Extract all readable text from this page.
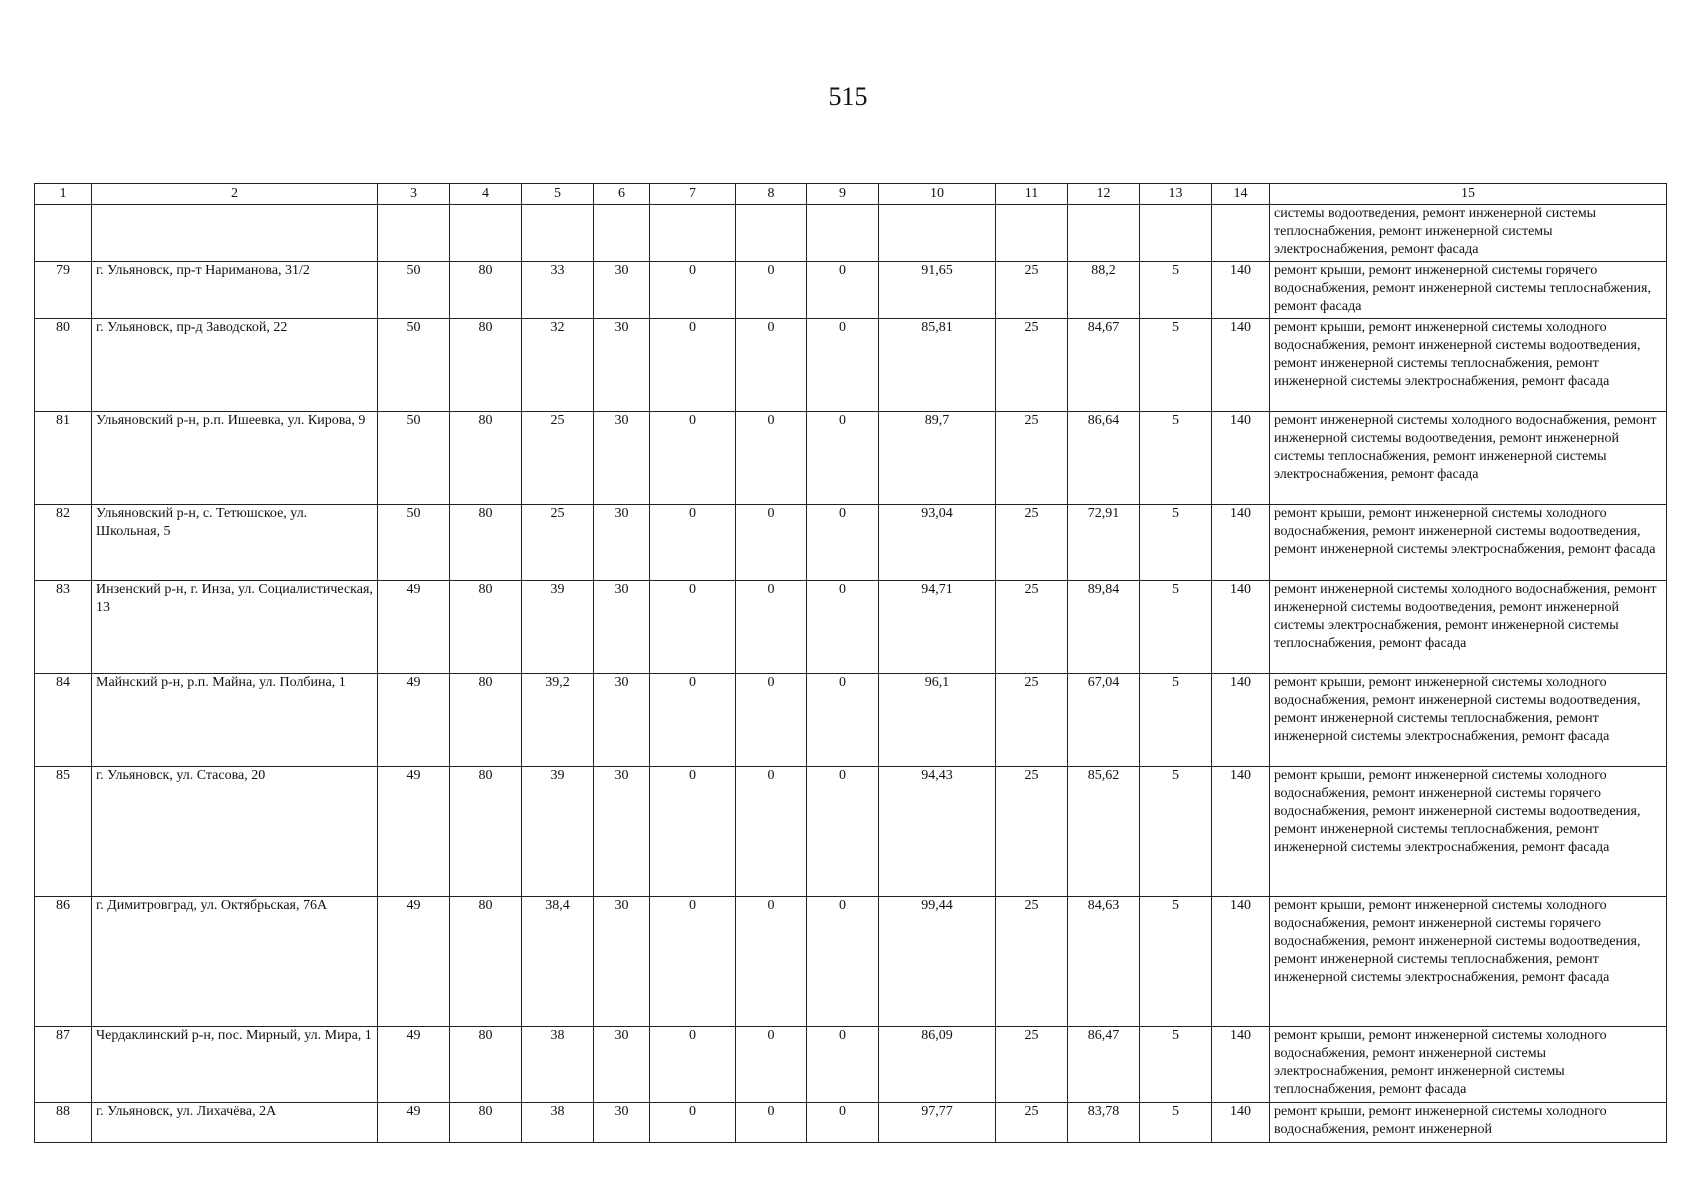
515
1	2	3	4	5	6	7	8	9	10	11	12	13	14	15
														системы водоотведения, ремонт инженерной системы теплоснабжения, ремонт инженерной системы электроснабжения, ремонт фасада
79	г. Ульяновск, пр-т Нариманова, 31/2	50	80	33	30	0	0	0	91,65	25	88,2	5	140	ремонт крыши, ремонт инженерной системы горячего водоснабжения, ремонт инженерной системы теплоснабжения, ремонт фасада
80	г. Ульяновск, пр-д Заводской, 22	50	80	32	30	0	0	0	85,81	25	84,67	5	140	ремонт крыши, ремонт инженерной системы холодного водоснабжения, ремонт инженерной системы водоотведения, ремонт инженерной системы теплоснабжения, ремонт инженерной системы электроснабжения, ремонт фасада
81	Ульяновский р-н, р.п. Ишеевка, ул. Кирова, 9	50	80	25	30	0	0	0	89,7	25	86,64	5	140	ремонт инженерной системы холодного водоснабжения, ремонт инженерной системы водоотведения, ремонт инженерной системы теплоснабжения, ремонт инженерной системы электроснабжения, ремонт фасада
82	Ульяновский р-н, с. Тетюшское, ул. Школьная, 5	50	80	25	30	0	0	0	93,04	25	72,91	5	140	ремонт крыши, ремонт инженерной системы холодного водоснабжения, ремонт инженерной системы водоотведения, ремонт инженерной системы электроснабжения, ремонт фасада
83	Инзенский р-н, г. Инза, ул. Социалистическая, 13	49	80	39	30	0	0	0	94,71	25	89,84	5	140	ремонт инженерной системы холодного водоснабжения, ремонт инженерной системы водоотведения, ремонт инженерной системы электроснабжения, ремонт инженерной системы теплоснабжения, ремонт фасада
84	Майнский р-н, р.п. Майна, ул. Полбина, 1	49	80	39,2	30	0	0	0	96,1	25	67,04	5	140	ремонт крыши, ремонт инженерной системы холодного водоснабжения, ремонт инженерной системы водоотведения, ремонт инженерной системы теплоснабжения, ремонт инженерной системы электроснабжения, ремонт фасада
85	г. Ульяновск, ул. Стасова, 20	49	80	39	30	0	0	0	94,43	25	85,62	5	140	ремонт крыши, ремонт инженерной системы холодного водоснабжения, ремонт инженерной системы горячего водоснабжения, ремонт инженерной системы водоотведения, ремонт инженерной системы теплоснабжения, ремонт инженерной системы электроснабжения, ремонт фасада
86	г. Димитровград, ул. Октябрьская, 76А	49	80	38,4	30	0	0	0	99,44	25	84,63	5	140	ремонт крыши, ремонт инженерной системы холодного водоснабжения, ремонт инженерной системы горячего водоснабжения, ремонт инженерной системы водоотведения, ремонт инженерной системы теплоснабжения, ремонт инженерной системы электроснабжения, ремонт фасада
87	Чердаклинский р-н, пос. Мирный, ул. Мира, 1	49	80	38	30	0	0	0	86,09	25	86,47	5	140	ремонт крыши, ремонт инженерной системы холодного водоснабжения, ремонт инженерной системы электроснабжения, ремонт инженерной системы теплоснабжения, ремонт фасада
88	г. Ульяновск, ул. Лихачёва, 2А	49	80	38	30	0	0	0	97,77	25	83,78	5	140	ремонт крыши, ремонт инженерной системы холодного водоснабжения, ремонт инженерной
